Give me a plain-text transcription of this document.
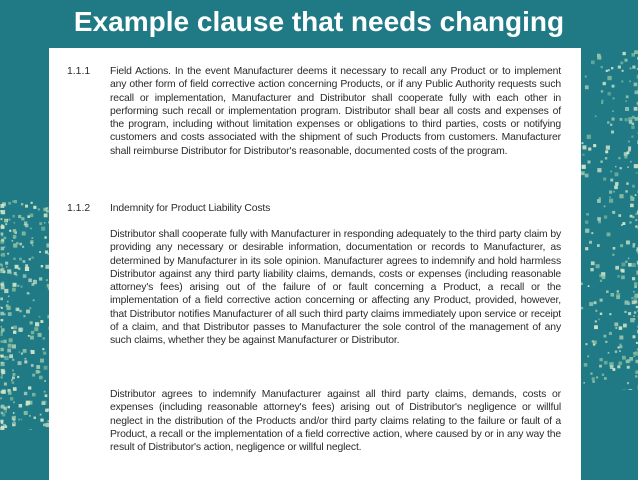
Example clause that needs changing
1.1.1 Field Actions. In the event Manufacturer deems it necessary to recall any Product or to implement any other form of field corrective action concerning Products, or if any Public Authority requests such recall or implementation, Manufacturer and Distributor shall cooperate fully with each other in performing such recall or implementation program. Distributor shall bear all costs and expenses of the program, including without limitation expenses or obligations to third parties, costs or notifying customers and costs associated with the shipment of such Products from customers. Manufacturer shall reimburse Distributor for Distributor's reasonable, documented costs of the program.
1.1.2 Indemnity for Product Liability Costs
Distributor shall cooperate fully with Manufacturer in responding adequately to the third party claim by providing any necessary or desirable information, documentation or records to Manufacturer, as determined by Manufacturer in its sole opinion. Manufacturer agrees to indemnify and hold harmless Distributor against any third party liability claims, demands, costs or expenses (including reasonable attorney's fees) arising out of the failure of or fault concerning a Product, a recall or the implementation of a field corrective action concerning or affecting any Product, provided, however, that Distributor notifies Manufacturer of all such third party claims immediately upon service or receipt of a claim, and that Distributor passes to Manufacturer the sole control of the management of any such claims, whether they be against Manufacturer or Distributor.
Distributor agrees to indemnify Manufacturer against all third party claims, demands, costs or expenses (including reasonable attorney's fees) arising out of Distributor's negligence or willful neglect in the distribution of the Products and/or third party claims relating to the failure or fault of a Product, a recall or the implementation of a field corrective action, where caused by or in any way the result of Distributor's action, negligence or willful neglect.
